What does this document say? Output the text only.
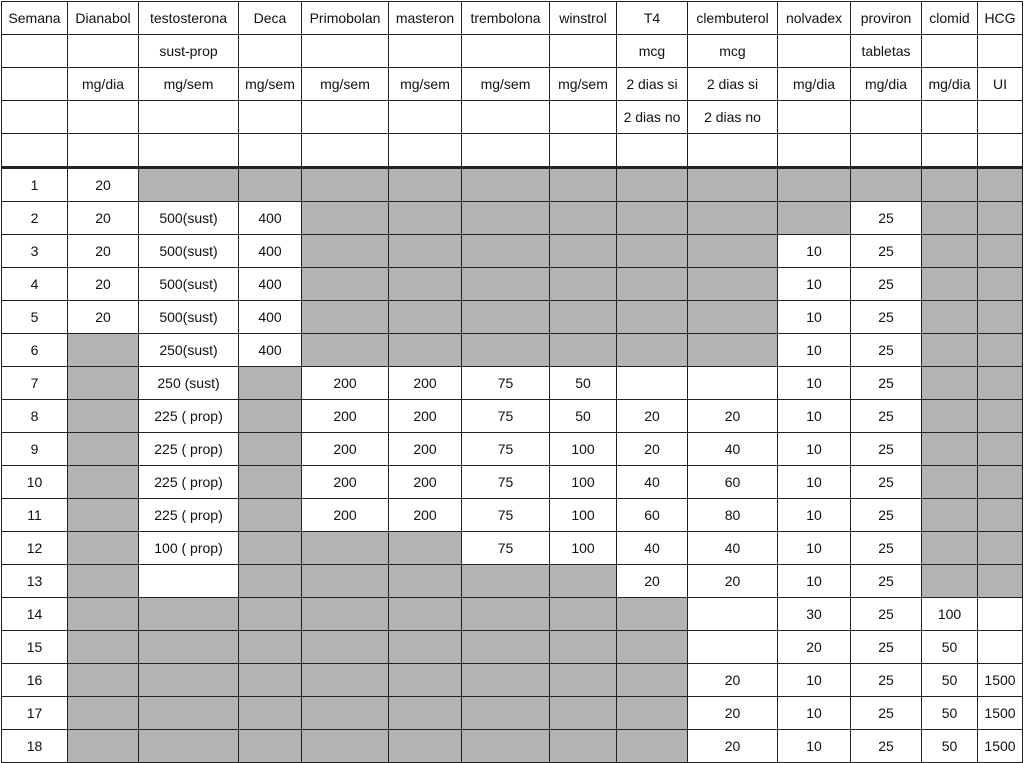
Semana	Dianabol	testosterona	Deca	Primobolan	masteron	trembolona	winstrol	T4	clembuterol	nolvadex	proviron	clomid	HCG
		sust-prop						mcg	mcg		tabletas		
	mg/dia	mg/sem	mg/sem	mg/sem	mg/sem	mg/sem	mg/sem	2 dias si	2 dias si	mg/dia	mg/dia	mg/dia	UI
								2 dias no	2 dias no				

1	20												
2	20	500(sust)	400								25		
3	20	500(sust)	400							10	25		
4	20	500(sust)	400							10	25		
5	20	500(sust)	400							10	25		
6		250(sust)	400							10	25		
7		250 (sust)		200	200	75	50			10	25		
8		225 ( prop)		200	200	75	50	20	20	10	25		
9		225 ( prop)		200	200	75	100	20	40	10	25		
10		225 ( prop)		200	200	75	100	40	60	10	25		
11		225 ( prop)		200	200	75	100	60	80	10	25		
12		100 ( prop)				75	100	40	40	10	25		
13								20	20	10	25		
14										30	25	100	
15										20	25	50	
16									20	10	25	50	1500
17									20	10	25	50	1500
18									20	10	25	50	1500
